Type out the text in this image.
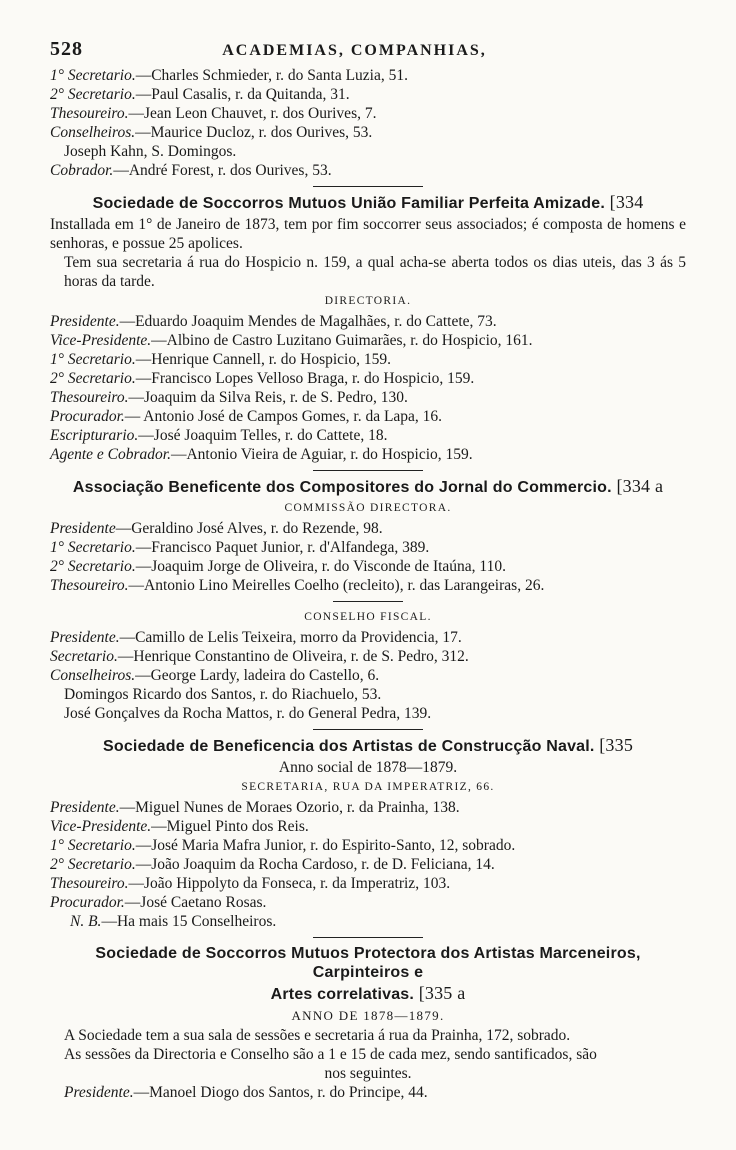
528	ACADEMIAS, COMPANHIAS,
1° Secretario.—Charles Schmieder, r. do Santa Luzia, 51.
2° Secretario.—Paul Casalis, r. da Quitanda, 31.
Thesoureiro.—Jean Leon Chauvet, r. dos Ourives, 7.
Conselheiros.—Maurice Ducloz, r. dos Ourives, 53.
Joseph Kahn, S. Domingos.
Cobrador.—André Forest, r. dos Ourives, 53.
Sociedade de Soccorros Mutuos União Familiar Perfeita Amizade. [334

Installada em 1° de Janeiro de 1873, tem por fim soccorrer seus associados; é composta de homens e senhoras, e possue 25 apolices.

Tem sua secretaria á rua do Hospicio n. 159, a qual acha-se aberta todos os dias uteis, das 3 ás 5 horas da tarde.

DIRECTORIA.
Presidente.—Eduardo Joaquim Mendes de Magalhães, r. do Cattete, 73.
Vice-Presidente.—Albino de Castro Luzitano Guimarães, r. do Hospicio, 161.
1° Secretario.—Henrique Cannell, r. do Hospicio, 159.
2° Secretario.—Francisco Lopes Velloso Braga, r. do Hospicio, 159.
Thesoureiro.—Joaquim da Silva Reis, r. de S. Pedro, 130.
Procurador.— Antonio José de Campos Gomes, r. da Lapa, 16.
Escripturario.—José Joaquim Telles, r. do Cattete, 18.
Agente e Cobrador.—Antonio Vieira de Aguiar, r. do Hospicio, 159.
Associação Beneficente dos Compositores do Jornal do Commercio. [334 a
COMMISSÃO DIRECTORA.
Presidente—Geraldino José Alves, r. do Rezende, 98.
1° Secretario.—Francisco Paquet Junior, r. d'Alfandega, 389.
2° Secretario.—Joaquim Jorge de Oliveira, r. do Visconde de Itaúna, 110.
Thesoureiro.—Antonio Lino Meirelles Coelho (recleito), r. das Larangeiras, 26.
CONSELHO FISCAL.
Presidente.—Camillo de Lelis Teixeira, morro da Providencia, 17.
Secretario.—Henrique Constantino de Oliveira, r. de S. Pedro, 312.
Conselheiros.—George Lardy, ladeira do Castello, 6.
Domingos Ricardo dos Santos, r. do Riachuelo, 53.
José Gonçalves da Rocha Mattos, r. do General Pedra, 139.
Sociedade de Beneficencia dos Artistas de Construcção Naval. [335
Anno social de 1878—1879.
SECRETARIA, RUA DA IMPERATRIZ, 66.
Presidente.—Miguel Nunes de Moraes Ozorio, r. da Prainha, 138.
Vice-Presidente.—Miguel Pinto dos Reis.
1° Secretario.—José Maria Mafra Junior, r. do Espirito-Santo, 12, sobrado.
2° Secretario.—João Joaquim da Rocha Cardoso, r. de D. Feliciana, 14.
Thesoureiro.—João Hippolyto da Fonseca, r. da Imperatriz, 103.
Procurador.—José Caetano Rosas.
N. B.—Ha mais 15 Conselheiros.
Sociedade de Soccorros Mutuos Protectora dos Artistas Marceneiros, Carpinteiros e
Artes correlativas. [335 a
ANNO DE 1878—1879.
A Sociedade tem a sua sala de sessões e secretaria á rua da Prainha, 172, sobrado.
As sessões da Directoria e Conselho são a 1 e 15 de cada mez, sendo santificados, são
nos seguintes.
Presidente.—Manoel Diogo dos Santos, r. do Principe, 44.
